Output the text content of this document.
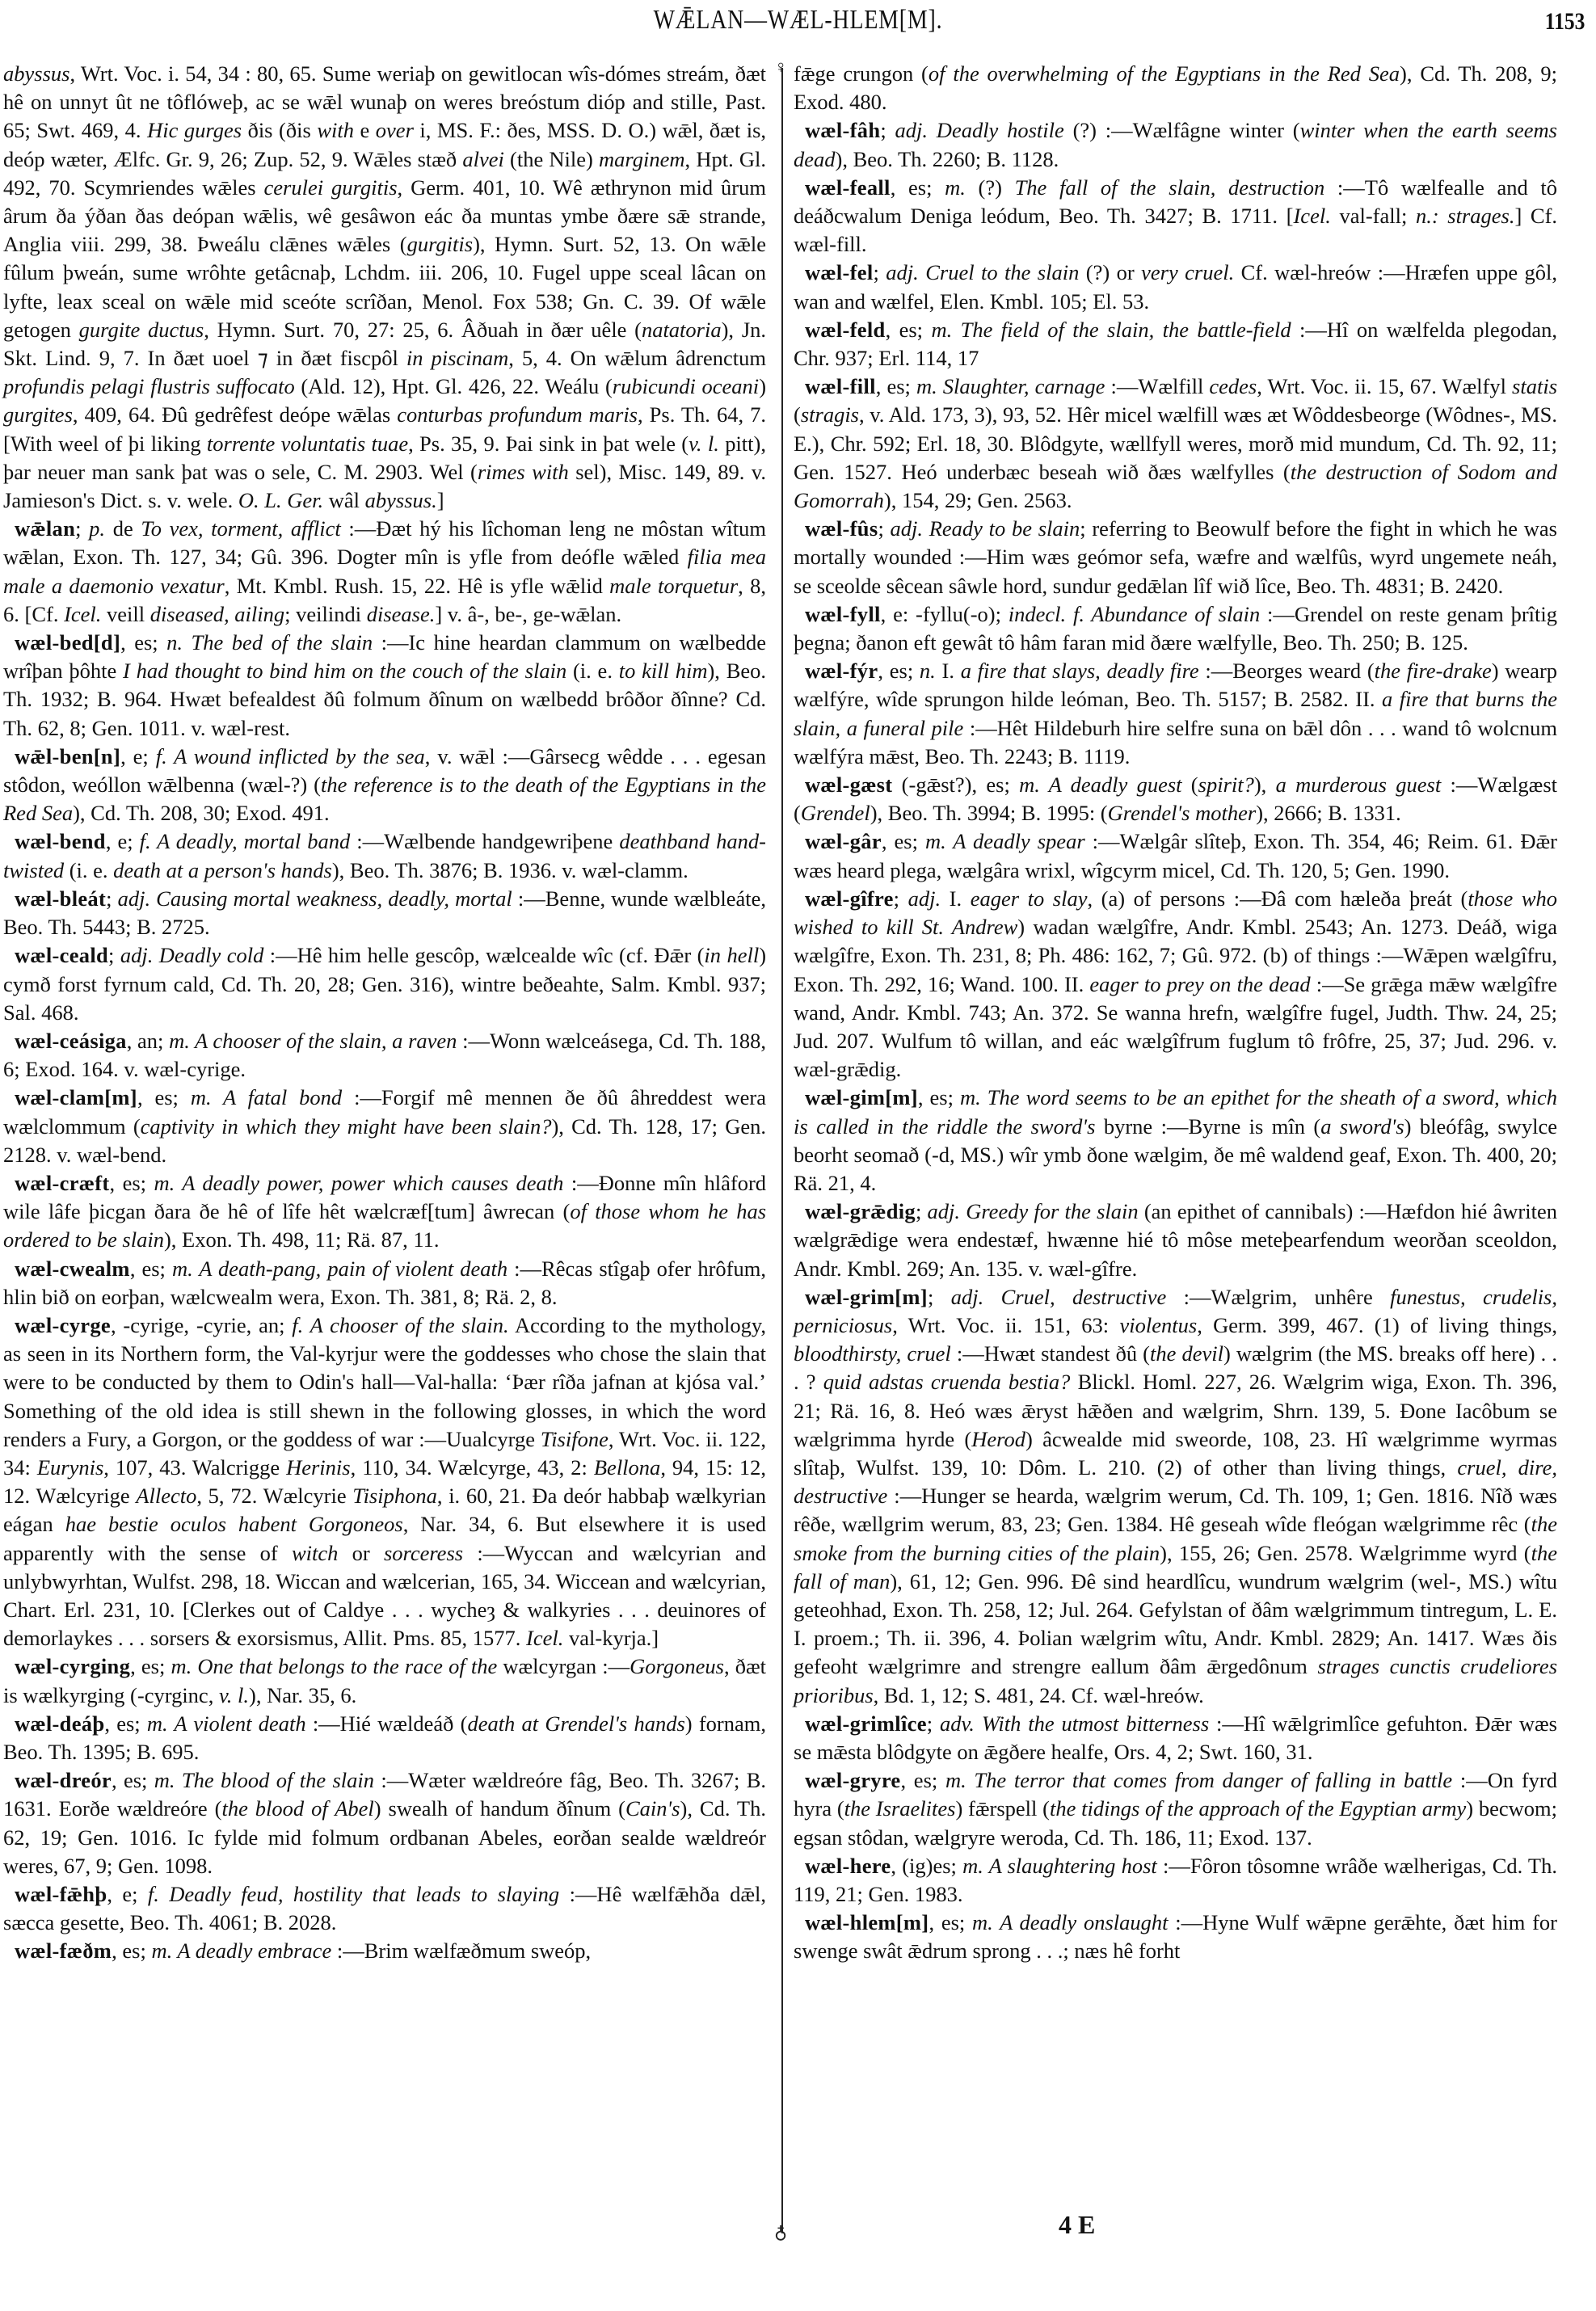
WǢLAN—WÆL-HLEM[M].	1153

abyssus, Wrt. Voc. i. 54, 34 : 80, 65. Sume weriaþ on gewitlocan wîs-dómes streám, ðæt hê on unnyt ût ne tôflóweþ, ac se wǣl wunaþ on weres breóstum dióp and stille, Past. 65; Swt. 469, 4. Hic gurges ðis (ðis with e over i, MS. F.: ðes, MSS. D. O.) wǣl, ðæt is, deóp wæter, Ælfc. Gr. 9, 26; Zup. 52, 9. Wǣles stæð alvei (the Nile) marginem, Hpt. Gl. 492, 70. Scymriendes wǣles cerulei gurgitis, Germ. 401, 10. Wê æthrynon mid ûrum ârum ða ýðan ðas deópan wǣlis, wê gesâwon eác ða muntas ymbe ðære sǣ strande, Anglia viii. 299, 38. Þweálu clǣnes wǣles (gurgitis), Hymn. Surt. 52, 13. On wǣle fûlum þweán, sume wrôhte getâcnaþ, Lchdm. iii. 206, 10. Fugel uppe sceal lâcan on lyfte, leax sceal on wǣle mid sceóte scrîðan, Menol. Fox 538; Gn. C. 39. Of wǣle getogen gurgite ductus, Hymn. Surt. 70, 27: 25, 6. Âðuah in ðær uêle (natatoria), Jn. Skt. Lind. 9, 7. In ðæt uoel ⁊ in ðæt fiscpôl in piscinam, 5, 4. On wǣlum âdrenctum profundis pelagi flustris suffocato (Ald. 12), Hpt. Gl. 426, 22. Weálu (rubicundi oceani) gurgites, 409, 64. Ðû gedrêfest deópe wǣlas conturbas profundum maris, Ps. Th. 64, 7. [With weel of þi liking torrente voluntatis tuae, Ps. 35, 9. Þai sink in þat wele (v. l. pitt), þar neuer man sank þat was o sele, C. M. 2903. Wel (rimes with sel), Misc. 149, 89. v. Jamieson's Dict. s. v. wele. O. L. Ger. wâl abyssus.]

wǣlan; p. de To vex, torment, afflict :—Ðæt hý his lîchoman leng ne môstan wîtum wǣlan, Exon. Th. 127, 34; Gû. 396. Dogter mîn is yfle from deófle wǣled filia mea male a daemonio vexatur, Mt. Kmbl. Rush. 15, 22. Hê is yfle wǣlid male torquetur, 8, 6. [Cf. Icel. veill diseased, ailing; veilindi disease.] v. â-, be-, ge-wǣlan.

wæl-bed[d], es; n. The bed of the slain :—Ic hine heardan clammum on wælbedde wrîþan þôhte I had thought to bind him on the couch of the slain (i. e. to kill him), Beo. Th. 1932; B. 964. Hwæt befealdest ðû folmum ðînum on wælbedd brôðor ðînne? Cd. Th. 62, 8; Gen. 1011. v. wæl-rest.

wǣl-ben[n], e; f. A wound inflicted by the sea, v. wǣl :—Gârsecg wêdde . . . egesan stôdon, weóllon wǣlbenna (wæl-?) (the reference is to the death of the Egyptians in the Red Sea), Cd. Th. 208, 30; Exod. 491.

wæl-bend, e; f. A deadly, mortal band :—Wælbende handgewriþene deathband hand-twisted (i. e. death at a person's hands), Beo. Th. 3876; B. 1936. v. wæl-clamm.

wæl-bleát; adj. Causing mortal weakness, deadly, mortal :—Benne, wunde wælbleáte, Beo. Th. 5443; B. 2725.

wæl-ceald; adj. Deadly cold :—Hê him helle gescôp, wælcealde wîc (cf. Ðǣr (in hell) cymð forst fyrnum cald, Cd. Th. 20, 28; Gen. 316), wintre beðeahte, Salm. Kmbl. 937; Sal. 468.

wæl-ceásiga, an; m. A chooser of the slain, a raven :—Wonn wælceásega, Cd. Th. 188, 6; Exod. 164. v. wæl-cyrige.

wæl-clam[m], es; m. A fatal bond :—Forgif mê mennen ðe ðû âhreddest wera wælclommum (captivity in which they might have been slain?), Cd. Th. 128, 17; Gen. 2128. v. wæl-bend.

wæl-cræft, es; m. A deadly power, power which causes death :—Ðonne mîn hlâford wile lâfe þicgan ðara ðe hê of lîfe hêt wælcræf[tum] âwrecan (of those whom he has ordered to be slain), Exon. Th. 498, 11; Rä. 87, 11.

wæl-cwealm, es; m. A death-pang, pain of violent death :—Rêcas stîgaþ ofer hrôfum, hlin bið on eorþan, wælcwealm wera, Exon. Th. 381, 8; Rä. 2, 8.

wæl-cyrge, -cyrige, -cyrie, an; f. A chooser of the slain. According to the mythology, as seen in its Northern form, the Val-kyrjur were the goddesses who chose the slain that were to be conducted by them to Odin's hall—Val-halla: ‘Þær rîða jafnan at kjósa val.’ Something of the old idea is still shewn in the following glosses, in which the word renders a Fury, a Gorgon, or the goddess of war :—Uualcyrge Tisifone, Wrt. Voc. ii. 122, 34: Eurynis, 107, 43. Walcrigge Herinis, 110, 34. Wælcyrge, 43, 2: Bellona, 94, 15: 12, 12. Wælcyrige Allecto, 5, 72. Wælcyrie Tisiphona, i. 60, 21. Ða deór habbaþ wælkyrian eágan hae bestie oculos habent Gorgoneos, Nar. 34, 6. But elsewhere it is used apparently with the sense of witch or sorceress :—Wyccan and wælcyrian and unlybwyrhtan, Wulfst. 298, 18. Wiccan and wælcerian, 165, 34. Wiccean and wælcyrian, Chart. Erl. 231, 10. [Clerkes out of Caldye . . . wycheȝ & walkyries . . . deuinores of demorlaykes . . . sorsers & exorsismus, Allit. Pms. 85, 1577. Icel. val-kyrja.]

wæl-cyrging, es; m. One that belongs to the race of the wælcyrgan :—Gorgoneus, ðæt is wælkyrging (-cyrginc, v. l.), Nar. 35, 6.

wæl-deáþ, es; m. A violent death :—Hié wældeáð (death at Grendel's hands) fornam, Beo. Th. 1395; B. 695.

wæl-dreór, es; m. The blood of the slain :—Wæter wældreóre fâg, Beo. Th. 3267; B. 1631. Eorðe wældreóre (the blood of Abel) swealh of handum ðînum (Cain's), Cd. Th. 62, 19; Gen. 1016. Ic fylde mid folmum ordbanan Abeles, eorðan sealde wældreór weres, 67, 9; Gen. 1098.

wæl-fǣhþ, e; f. Deadly feud, hostility that leads to slaying :—Hê wælfǣhða dǣl, sæcca gesette, Beo. Th. 4061; B. 2028.

wæl-fæðm, es; m. A deadly embrace :—Brim wælfæðmum sweóp,

♀
♁

fǣge crungon (of the overwhelming of the Egyptians in the Red Sea), Cd. Th. 208, 9; Exod. 480.

wæl-fâh; adj. Deadly hostile (?) :—Wælfâgne winter (winter when the earth seems dead), Beo. Th. 2260; B. 1128.

wæl-feall, es; m. (?) The fall of the slain, destruction :—Tô wælfealle and tô deáðcwalum Deniga leódum, Beo. Th. 3427; B. 1711. [Icel. val-fall; n.: strages.] Cf. wæl-fill.

wæl-fel; adj. Cruel to the slain (?) or very cruel. Cf. wæl-hreów :—Hræfen uppe gôl, wan and wælfel, Elen. Kmbl. 105; El. 53.

wæl-feld, es; m. The field of the slain, the battle-field :—Hî on wælfelda plegodan, Chr. 937; Erl. 114, 17

wæl-fill, es; m. Slaughter, carnage :—Wælfill cedes, Wrt. Voc. ii. 15, 67. Wælfyl statis (stragis, v. Ald. 173, 3), 93, 52. Hêr micel wælfill wæs æt Wôddesbeorge (Wôdnes-, MS. E.), Chr. 592; Erl. 18, 30. Blôdgyte, wællfyll weres, morð mid mundum, Cd. Th. 92, 11; Gen. 1527. Heó underbæc beseah wið ðæs wælfylles (the destruction of Sodom and Gomorrah), 154, 29; Gen. 2563.

wæl-fûs; adj. Ready to be slain; referring to Beowulf before the fight in which he was mortally wounded :—Him wæs geómor sefa, wæfre and wælfûs, wyrd ungemete neáh, se sceolde sêcean sâwle hord, sundur gedǣlan lîf wið lîce, Beo. Th. 4831; B. 2420.

wæl-fyll, e: -fyllu(-o); indecl. f. Abundance of slain :—Grendel on reste genam þrîtig þegna; ðanon eft gewât tô hâm faran mid ðære wælfylle, Beo. Th. 250; B. 125.

wæl-fýr, es; n. I. a fire that slays, deadly fire :—Beorges weard (the fire-drake) wearp wælfýre, wîde sprungon hilde leóman, Beo. Th. 5157; B. 2582. II. a fire that burns the slain, a funeral pile :—Hêt Hildeburh hire selfre suna on bǣl dôn . . . wand tô wolcnum wælfýra mǣst, Beo. Th. 2243; B. 1119.

wæl-gæst (-gǣst?), es; m. A deadly guest (spirit?), a murderous guest :—Wælgæst (Grendel), Beo. Th. 3994; B. 1995: (Grendel's mother), 2666; B. 1331.

wæl-gâr, es; m. A deadly spear :—Wælgâr slîteþ, Exon. Th. 354, 46; Reim. 61. Ðǣr wæs heard plega, wælgâra wrixl, wîgcyrm micel, Cd. Th. 120, 5; Gen. 1990.

wæl-gîfre; adj. I. eager to slay, (a) of persons :—Ðâ com hæleða þreát (those who wished to kill St. Andrew) wadan wælgîfre, Andr. Kmbl. 2543; An. 1273. Deáð, wiga wælgîfre, Exon. Th. 231, 8; Ph. 486: 162, 7; Gû. 972. (b) of things :—Wǣpen wælgîfru, Exon. Th. 292, 16; Wand. 100. II. eager to prey on the dead :—Se grǣga mǣw wælgîfre wand, Andr. Kmbl. 743; An. 372. Se wanna hrefn, wælgîfre fugel, Judth. Thw. 24, 25; Jud. 207. Wulfum tô willan, and eác wælgîfrum fuglum tô frôfre, 25, 37; Jud. 296. v. wæl-grǣdig.

wæl-gim[m], es; m. The word seems to be an epithet for the sheath of a sword, which is called in the riddle the sword's byrne :—Byrne is mîn (a sword's) bleófâg, swylce beorht seomað (-d, MS.) wîr ymb ðone wælgim, ðe mê waldend geaf, Exon. Th. 400, 20; Rä. 21, 4.

wæl-grǣdig; adj. Greedy for the slain (an epithet of cannibals) :—Hæfdon hié âwriten wælgrǣdige wera endestæf, hwænne hié tô môse meteþearfendum weorðan sceoldon, Andr. Kmbl. 269; An. 135. v. wæl-gîfre.

wæl-grim[m]; adj. Cruel, destructive :—Wælgrim, unhêre funestus, crudelis, perniciosus, Wrt. Voc. ii. 151, 63: violentus, Germ. 399, 467. (1) of living things, bloodthirsty, cruel :—Hwæt standest ðû (the devil) wælgrim (the MS. breaks off here) . . . ? quid adstas cruenda bestia? Blickl. Homl. 227, 26. Wælgrim wiga, Exon. Th. 396, 21; Rä. 16, 8. Heó wæs ǣryst hǣðen and wælgrim, Shrn. 139, 5. Ðone Iacôbum se wælgrimma hyrde (Herod) âcwealde mid sweorde, 108, 23. Hî wælgrimme wyrmas slîtaþ, Wulfst. 139, 10: Dôm. L. 210. (2) of other than living things, cruel, dire, destructive :—Hunger se hearda, wælgrim werum, Cd. Th. 109, 1; Gen. 1816. Nîð wæs rêðe, wællgrim werum, 83, 23; Gen. 1384. Hê geseah wîde fleógan wælgrimme rêc (the smoke from the burning cities of the plain), 155, 26; Gen. 2578. Wælgrimme wyrd (the fall of man), 61, 12; Gen. 996. Ðê sind heardlîcu, wundrum wælgrim (wel-, MS.) wîtu geteohhad, Exon. Th. 258, 12; Jul. 264. Gefylstan of ðâm wælgrimmum tintregum, L. E. I. proem.; Th. ii. 396, 4. Þolian wælgrim wîtu, Andr. Kmbl. 2829; An. 1417. Wæs ðis gefeoht wælgrimre and strengre eallum ðâm ǣrgedônum strages cunctis crudeliores prioribus, Bd. 1, 12; S. 481, 24. Cf. wæl-hreów.

wæl-grimlîce; adv. With the utmost bitterness :—Hî wǣlgrimlîce gefuhton. Ðǣr wæs se mǣsta blôdgyte on ǣgðere healfe, Ors. 4, 2; Swt. 160, 31.

wæl-gryre, es; m. The terror that comes from danger of falling in battle :—On fyrd hyra (the Israelites) fǣrspell (the tidings of the approach of the Egyptian army) becwom; egsan stôdan, wælgryre weroda, Cd. Th. 186, 11; Exod. 137.

wæl-here, (ig)es; m. A slaughtering host :—Fôron tôsomne wrâðe wælherigas, Cd. Th. 119, 21; Gen. 1983.

wæl-hlem[m], es; m. A deadly onslaught :—Hyne Wulf wǣpne gerǣhte, ðæt him for swenge swât ǣdrum sprong . . .; næs hê forht

4 E
